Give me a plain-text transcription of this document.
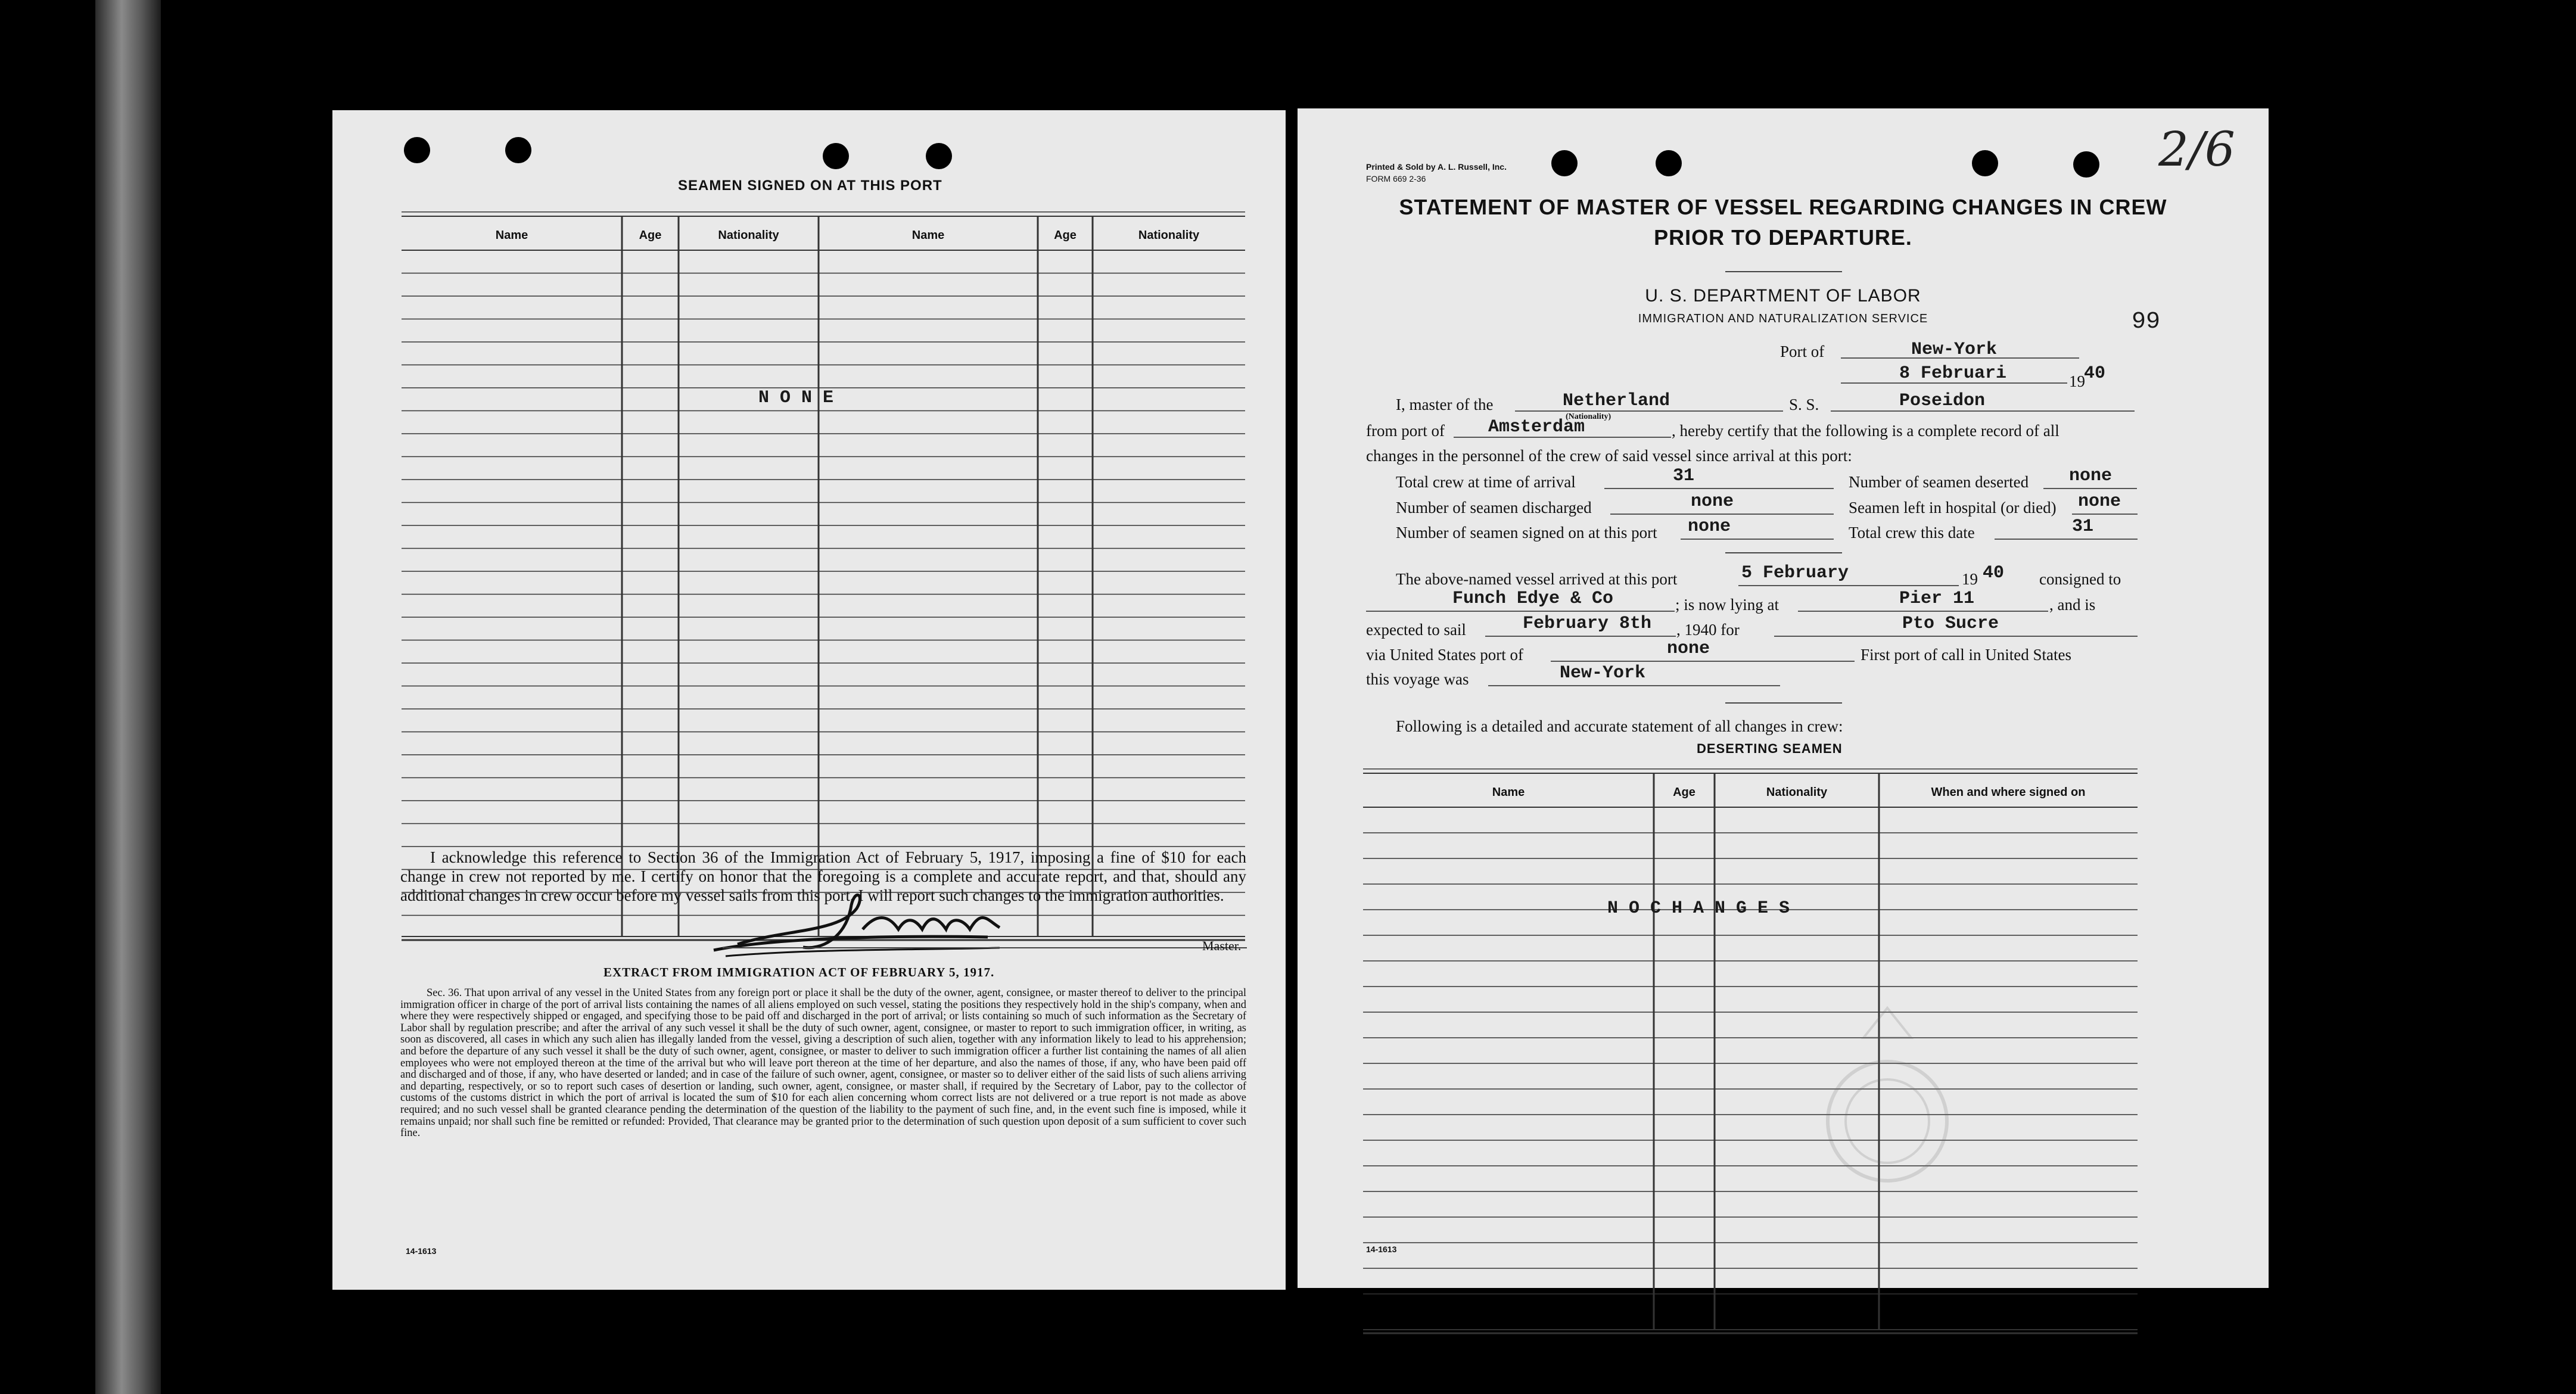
SEAMEN SIGNED ON AT THIS PORT
Name	Age	Nationality	Name	Age	Nationality
N O N E
I acknowledge this reference to Section 36 of the Immigration Act of February 5, 1917, imposing a fine of $10 for each change in crew not reported by me. I certify on honor that the foregoing is a complete and accurate report, and that, should any additional changes in crew occur before my vessel sails from this port, I will report such changes to the immigration authorities.
Master.
EXTRACT FROM IMMIGRATION ACT OF FEBRUARY 5, 1917.
Sec. 36. That upon arrival of any vessel in the United States from any foreign port or place it shall be the duty of the owner, agent, consignee, or master thereof to deliver to the principal immigration officer in charge of the port of arrival lists containing the names of all aliens employed on such vessel, stating the positions they respectively hold in the ship's company, when and where they were respectively shipped or engaged, and specifying those to be paid off and discharged in the port of arrival; or lists containing so much of such information as the Secretary of Labor shall by regulation prescribe; and after the arrival of any such vessel it shall be the duty of such owner, agent, consignee, or master to report to such immigration officer, in writing, as soon as discovered, all cases in which any such alien has illegally landed from the vessel, giving a description of such alien, together with any information likely to lead to his apprehension; and before the departure of any such vessel it shall be the duty of such owner, agent, consignee, or master to deliver to such immigration officer a further list containing the names of all alien employees who were not employed thereon at the time of the arrival but who will leave port thereon at the time of her departure, and also the names of those, if any, who have been paid off and discharged and of those, if any, who have deserted or landed; and in case of the failure of such owner, agent, consignee, or master so to deliver either of the said lists of such aliens arriving and departing, respectively, or so to report such cases of desertion or landing, such owner, agent, consignee, or master shall, if required by the Secretary of Labor, pay to the collector of customs of the customs district in which the port of arrival is located the sum of $10 for each alien concerning whom correct lists are not delivered or a true report is not made as above required; and no such vessel shall be granted clearance pending the determination of the question of the liability to the payment of such fine, and, in the event such fine is imposed, while it remains unpaid; nor shall such fine be remitted or refunded: Provided, That clearance may be granted prior to the determination of such question upon deposit of a sum sufficient to cover such fine.
14-1613
Printed & Sold by A. L. Russell, Inc.
FORM 669 2-36
2/6
STATEMENT OF MASTER OF VESSEL REGARDING CHANGES IN CREW
PRIOR TO DEPARTURE.
U. S. DEPARTMENT OF LABOR
IMMIGRATION AND NATURALIZATION SERVICE	99
Port of	New-York
8 Februari	19
40
I, master of the	Netherland	S. S.	Poseidon
from port of Amsterdam
(Nationality)
, hereby certify that the following is a complete record of all
changes in the personnel of the crew of said vessel since arrival at this port:
Total crew at time of arrival	31	Number of seamen deserted none
Number of seamen discharged	none	Seamen left in hospital (or died) none
Number of seamen signed on at this port none	Total crew this date	31
The above-named vessel arrived at this port	5 February	19 40 consigned to
Funch Edye & Co	; is now lying at	Pier 11	, and is
expected to sail	February 8th , 1940 for	Pto Sucre
via United States port of	none	First port of call in United States
this voyage was	New-York
Following is a detailed and accurate statement of all changes in crew:
DESERTING SEAMEN
Name	Age	Nationality	When and where signed on
N O C H A N G E S
14-1613
